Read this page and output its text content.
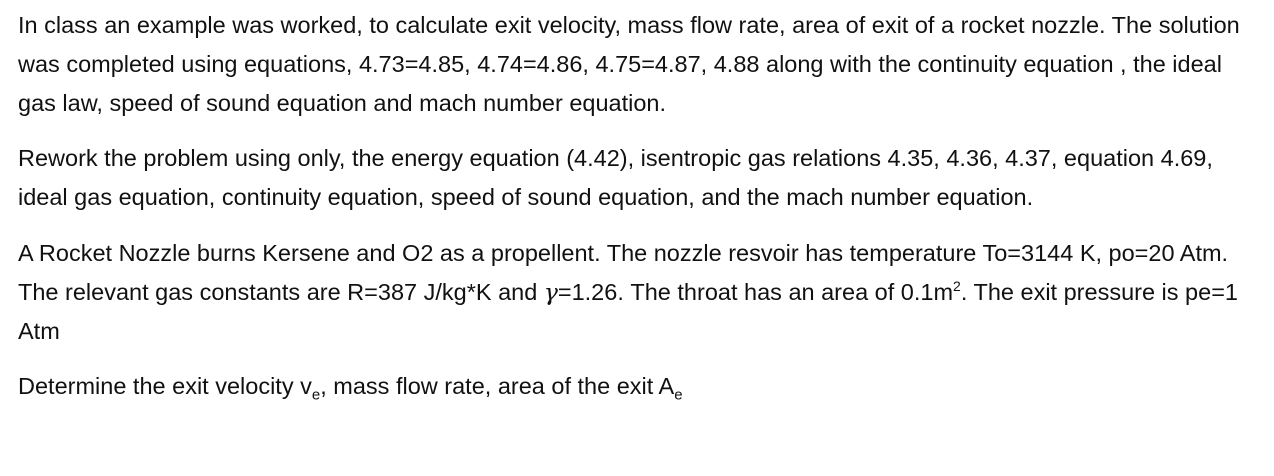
In class an example was worked, to calculate exit velocity, mass flow rate, area of exit of a rocket nozzle. The solution was completed using equations, 4.73=4.85, 4.74=4.86, 4.75=4.87, 4.88 along with the continuity equation , the ideal gas law, speed of sound equation and mach number equation.

Rework the problem using only, the energy equation (4.42), isentropic gas relations 4.35, 4.36, 4.37, equation 4.69, ideal gas equation, continuity equation, speed of sound equation, and the mach number equation.

A Rocket Nozzle burns Kersene and O2 as a propellent. The nozzle resvoir has temperature To=3144 K, po=20 Atm. The relevant gas constants are R=387 J/kg*K and γ=1.26. The throat has an area of $0.1m^2$. The exit pressure is pe=1 Atm

Determine the exit velocity $v_e$, mass flow rate, area of the exit $A_e$
